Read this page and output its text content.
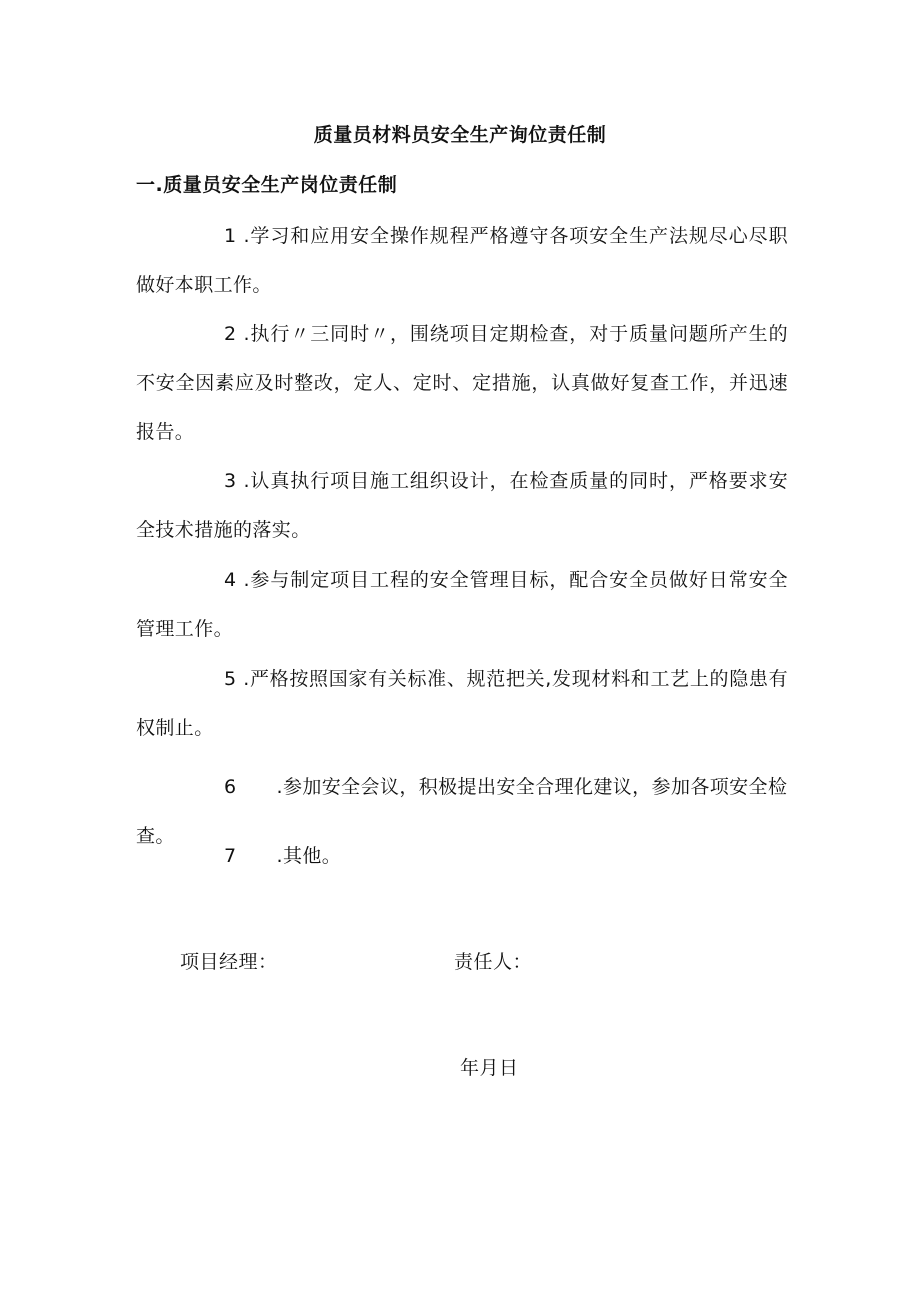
质量员材料员安全生产询位责任制
一.质量员安全生产岗位责任制
1 .学习和应用安全操作规程严格遵守各项安全生产法规尽心尽职做好本职工作。
2 .执行〃三同时〃，围绕项目定期检查，对于质量问题所产生的不安全因素应及时整改，定人、定时、定措施，认真做好复查工作，并迅速报告。
3 .认真执行项目施工组织设计，在检查质量的同时，严格要求安全技术措施的落实。
4 .参与制定项目工程的安全管理目标，配合安全员做好日常安全管理工作。
5 .严格按照国家有关标准、规范把关,发现材料和工艺上的隐患有权制止。
6 .参加安全会议，积极提出安全合理化建议，参加各项安全检查。
7 .其他。
项目经理：	责任人：
年月日
